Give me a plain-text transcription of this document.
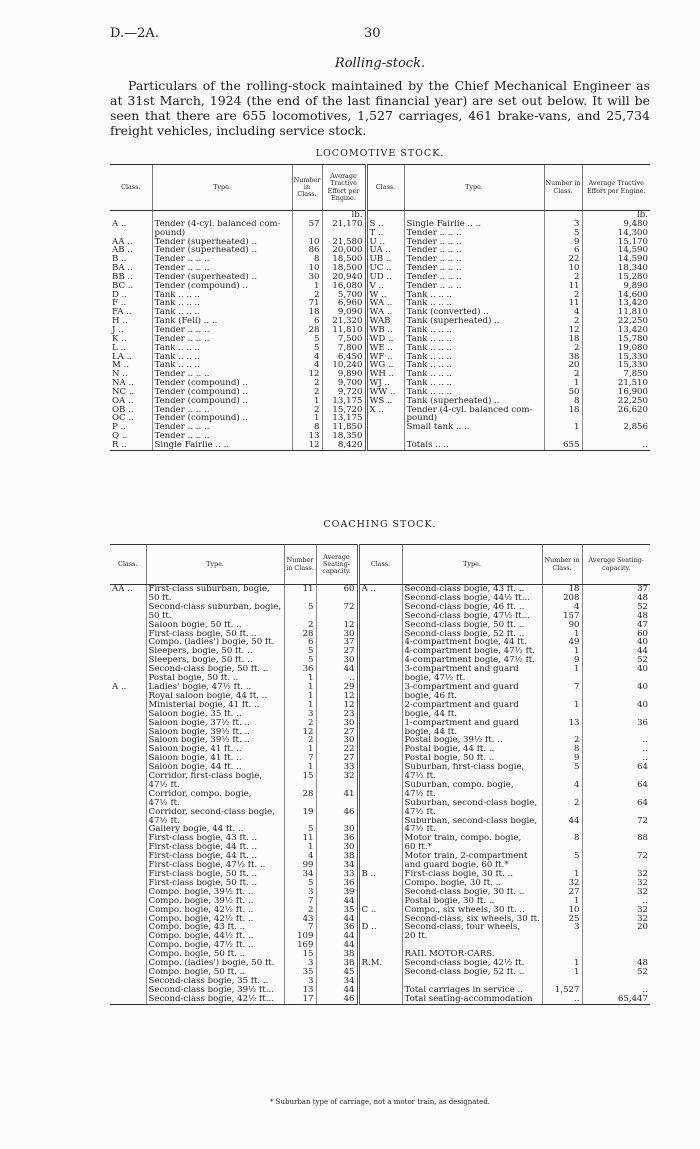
D.—2A.	30
Rolling-stock.

Particulars of the rolling-stock maintained by the Chief Mechanical Engineer as at 31st March, 1924 (the end of the last financial year) are set out below. It will be seen that there are 655 locomotives, 1,527 carriages, 461 brake-vans, and 25,734 freight vehicles, including service stock.

LOCOMOTIVE STOCK.
Class.	Type.	Number in Class.	Average Tractive Effort per Engine.	Class.	Type.	Number in Class.	Average Tractive Effort per Engine.
			lb.				lb.
A ..	Tender (4-cyl. balanced com-	57	21,170	S ..	Single Fairlie .. ..	3	9,480
	pound)			T ..	Tender .. .. ..	5	14,300
AA ..	Tender (superheated) ..	10	21,580	U ..	Tender .. .. ..	9	15,170
AB ..	Tender (superheated) ..	86	20,000	UA ..	Tender .. .. ..	6	14,590
B ..	Tender .. .. ..	8	18,500	UB ..	Tender .. .. ..	22	14,590
BA ..	Tender .. .. ..	10	18,500	UC ..	Tender .. .. ..	10	18,340
BB ..	Tender (superheated) ..	30	20,940	UD ..	Tender .. .. ..	2	15,280
BC ..	Tender (compound) ..	1	16,080	V ..	Tender .. .. ..	11	9,890
D ..	Tank .. .. ..	2	5,700	W ..	Tank .. .. ..	2	14,600
F ..	Tank .. .. ..	71	6,960	WA ..	Tank .. .. ..	11	13,420
FA ..	Tank .. .. ..	18	9,090	WA ..	Tank (converted) ..	4	11,810
H ..	Tank (Fell) .. ..	6	21,320	WAB	Tank (superheated) ..	2	22,250
J ..	Tender .. .. ..	28	11,810	WB ..	Tank .. .. ..	12	13,420
K ..	Tender .. .. ..	5	7,500	WD ..	Tank .. .. ..	18	15,780
L ..	Tank .. .. ..	5	7,800	WE ..	Tank .. .. ..	2	19,080
LA ..	Tank .. .. ..	4	6,450	WF ..	Tank .. .. ..	38	15,330
M ..	Tank .. .. ..	4	10,240	WG ..	Tank .. .. ..	20	15,330
N ..	Tender .. .. ..	12	9,890	WH ..	Tank .. .. ..	2	7,850
NA ..	Tender (compound) ..	2	9,700	WJ ..	Tank .. .. ..	1	21,510
NC ..	Tender (compound) ..	2	9,720	WW ..	Tank .. .. ..	50	16,900
OA ..	Tender (compound) ..	1	13,175	WS ..	Tank (superheated) ..	8	22,250
OB ..	Tender .. .. ..	2	15,720	X ..	Tender (4-cyl. balanced com-	18	26,620
OC ..	Tender (compound) ..	1	13,175		pound)		
P ..	Tender .. .. ..	8	11,850		Small tank .. ..	1	2,856
Q ..	Tender .. .. ..	13	18,350				
R ..	Single Fairlie .. ..	12	8,420		Totals .. ..	655	..
COACHING STOCK.
Class.	Type.	Number in Class.	Average Seating-capacity.	Class.	Type.	Number in Class.	Average Seating-capacity.
AA ..	First-class suburban, bogie,	11	60	A ..	Second-class bogie, 43 ft. ..	18	37
	50 ft.				Second-class bogie, 44½ ft...	208	48
	Second-class suburban, bogie,	5	72		Second-class bogie, 46 ft. ..	4	52
	50 ft.				Second-class bogie, 47½ ft...	157	48
	Saloon bogie, 50 ft. ..	2	12		Second-class bogie, 50 ft. ..	90	47
	First-class bogie, 50 ft. ..	28	30		Second-class bogie, 52 ft. ..	1	60
	Compo. (ladies') bogie, 50 ft.	6	37		4-compartment bogie, 44 ft.	49	40
	Sleepers, bogie, 50 ft. ..	5	27		4-compartment bogie, 47½ ft.	1	44
	Sleepers, bogie, 50 ft. ..	5	30		4-compartment bogie, 47½ ft.	9	52
	Second-class bogie, 50 ft. ..	36	44		3-compartment and guard	1	40
	Postal bogie, 50 ft. ..	1	..		bogie, 47½ ft.		
A ..	Ladies' bogie, 47½ ft. ..	1	29		3-compartment and guard	7	40
	Royal saloon bogie, 44 ft. ..	1	12		bogie, 46 ft.		
	Ministerial bogie, 41 ft. ..	1	12		2-compartment and guard	1	40
	Saloon bogie, 35 ft. ..	3	23		bogie, 44 ft.		
	Saloon bogie, 37½ ft. ..	2	30		1-compartment and guard	13	36
	Saloon bogie, 39½ ft. ..	12	27		bogie, 44 ft.		
	Saloon bogie, 39½ ft. ..	2	30		Postal bogie, 39½ ft. ..	2	..
	Saloon bogie, 41 ft. ..	1	22		Postal bogie, 44 ft. ..	8	..
	Saloon bogie, 41 ft. ..	7	27		Postal bogie, 50 ft. ..	9	..
	Saloon bogie, 44 ft. ..	1	33		Suburban, first-class bogie,	5	64
	Corridor, first-class bogie,	15	32		47½ ft.		
	47½ ft.				Suburban, compo. bogie,	4	64
	Corridor, compo. bogie,	28	41		47½ ft.		
	47½ ft.				Suburban, second-class bogie,	2	64
	Corridor, second-class bogie,	19	46		47½ ft.		
	47½ ft.				Suburban, second-class bogie,	44	72
	Gallery bogie, 44 ft. ..	5	30		47½ ft.		
	First-class bogie, 43 ft. ..	11	36		Motor train, compo. bogie,	8	88
	First-class bogie, 44 ft. ..	1	30		60 ft.*		
	First-class bogie, 44 ft. ..	4	38		Motor train, 2-compartment	5	72
	First-class bogie, 47½ ft. ..	99	34		and guard bogie, 60 ft.*		
	First-class bogie, 50 ft. ..	34	33	B ..	First-class bogie, 30 ft. ..	1	32
	First-class bogie, 50 ft. ..	5	36		Compo. bogie, 30 ft. ..	32	32
	Compo. bogie, 39½ ft. ..	3	39		Second-class bogie, 30 ft. ..	27	32
	Compo. bogie, 39½ ft. ..	7	44		Postal bogie, 30 ft. ..	1	..
	Compo. bogie, 42½ ft. ..	2	35	C ..	Compo., six wheels, 30 ft. ..	10	32
	Compo. bogie, 42½ ft. ..	43	44		Second-class, six wheels, 30 ft.	25	32
	Compo. bogie, 43 ft. ..	7	36	D ..	Second-class, four wheels,	3	20
	Compo. bogie, 44½ ft. ..	109	44		20 ft.		
	Compo. bogie, 47½ ft. ..	169	44				
	Compo. bogie, 50 ft. ..	15	38		RAIL MOTOR-CARS.		
	Compo. (ladies') bogie, 50 ft.	3	38	R.M.	Second-class bogie, 42½ ft.	1	48
	Compo. bogie, 50 ft. ..	35	45		Second-class bogie, 52 ft. ..	1	52
	Second-class bogie, 35 ft. ..	3	34				
	Second-class bogie, 39½ ft...	13	44		Total carriages in service ..	1,527	..
	Second-class bogie, 42½ ft...	17	46		Total seating-accommodation	..	65,447
* Suburban type of carriage, not a motor train, as designated.
